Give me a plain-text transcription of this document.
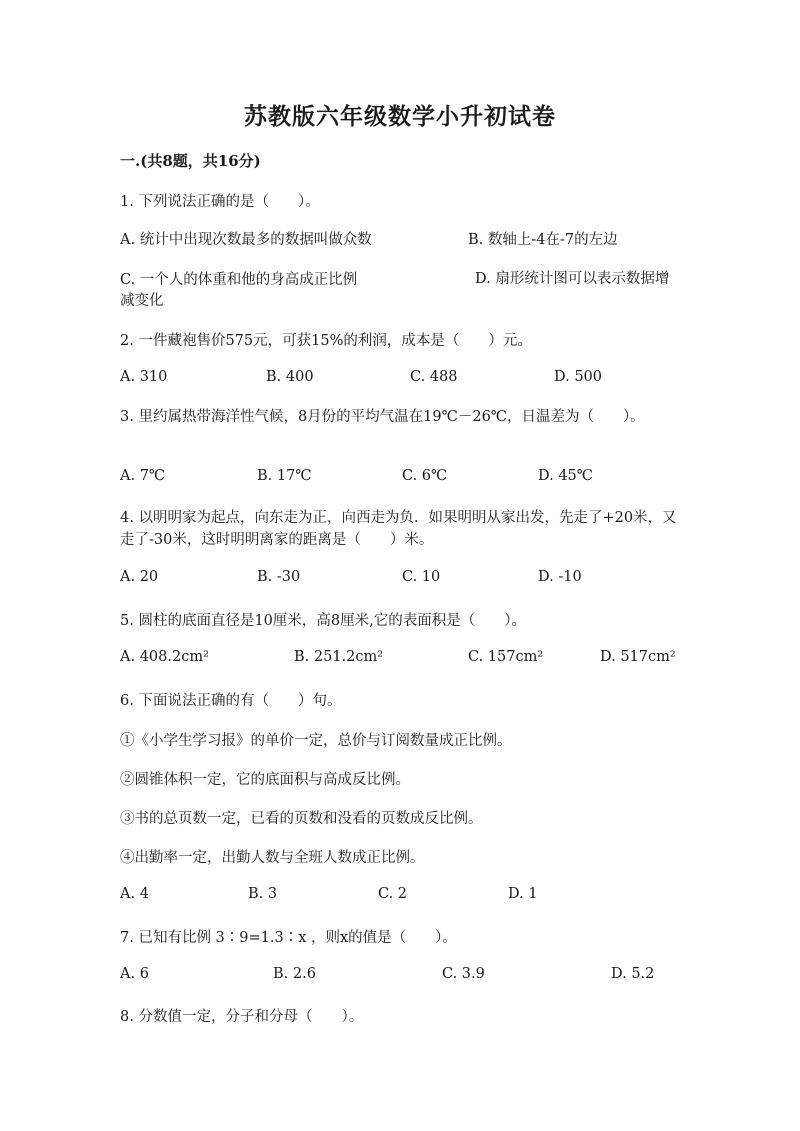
苏教版六年级数学小升初试卷
一.(共8题，共16分)
1. 下列说法正确的是（　　）。
A. 统计中出现次数最多的数据叫做众数	B. 数轴上-4在-7的左边
C. 一个人的体重和他的身高成正比例	D. 扇形统计图可以表示数据增减变化
2. 一件藏袍售价575元，可获15%的利润，成本是（　　）元。
A. 310	B. 400	C. 488	D. 500
3. 里约属热带海洋性气候，8月份的平均气温在19℃－26℃，日温差为（　　）。
A. 7℃	B. 17℃	C. 6℃	D. 45℃
4. 以明明家为起点，向东走为正，向西走为负．如果明明从家出发，先走了+20米，又走了-30米，这时明明离家的距离是（　　）米。
A. 20	B. -30	C. 10	D. -10
5. 圆柱的底面直径是10厘米，高8厘米,它的表面积是（　　）。
A. 408.2cm²	B. 251.2cm²	C. 157cm²	D. 517cm²
6. 下面说法正确的有（　　）句。
①《小学生学习报》的单价一定，总价与订阅数量成正比例。
②圆锥体积一定，它的底面积与高成反比例。
③书的总页数一定，已看的页数和没看的页数成反比例。
④出勤率一定，出勤人数与全班人数成正比例。
A. 4	B. 3	C. 2	D. 1
7. 已知有比例 3∶9=1.3∶x ，则x的值是（　　）。
A. 6	B. 2.6	C. 3.9	D. 5.2
8. 分数值一定，分子和分母（　　）。
